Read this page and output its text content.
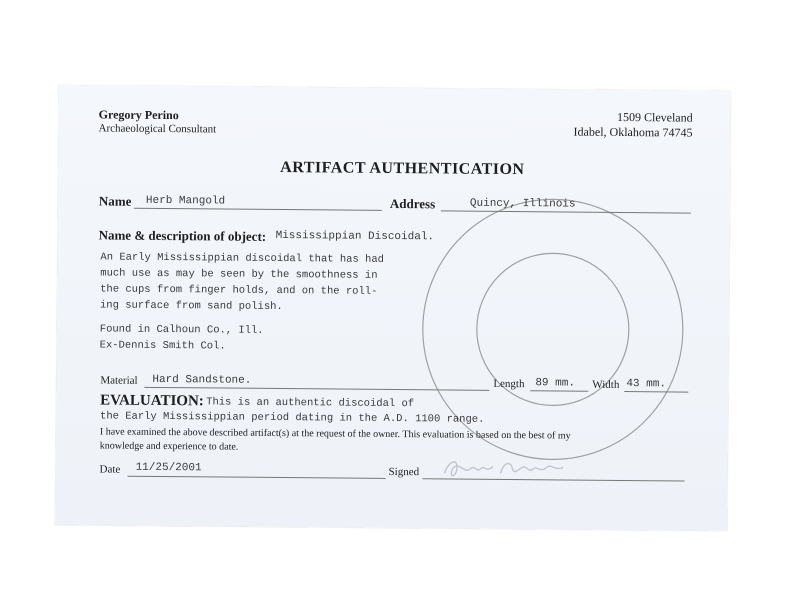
Gregory Perino
Archaeological Consultant
1509 Cleveland
Idabel, Oklahoma 74745
ARTIFACT AUTHENTICATION
Name Herb Mangold	Address	Quincy, Illinois
Name & description of object: Mississippian Discoidal.
An Early Mississippian discoidal that has had
much use as may be seen by the smoothness in
the cups from finger holds, and on the roll-
ing surface from sand polish.
Found in Calhoun Co., Ill.
Ex-Dennis Smith Col.
Material Hard Sandstone.	Length 89 mm. Width 43 mm.
EVALUATION: This is an authentic discoidal of
the Early Mississippian period dating in the A.D. 1100 range.
I have examined the above described artifact(s) at the request of the owner. This evaluation is based on the best of my
knowledge and experience to date.
Date 11/25/2001	Signed
